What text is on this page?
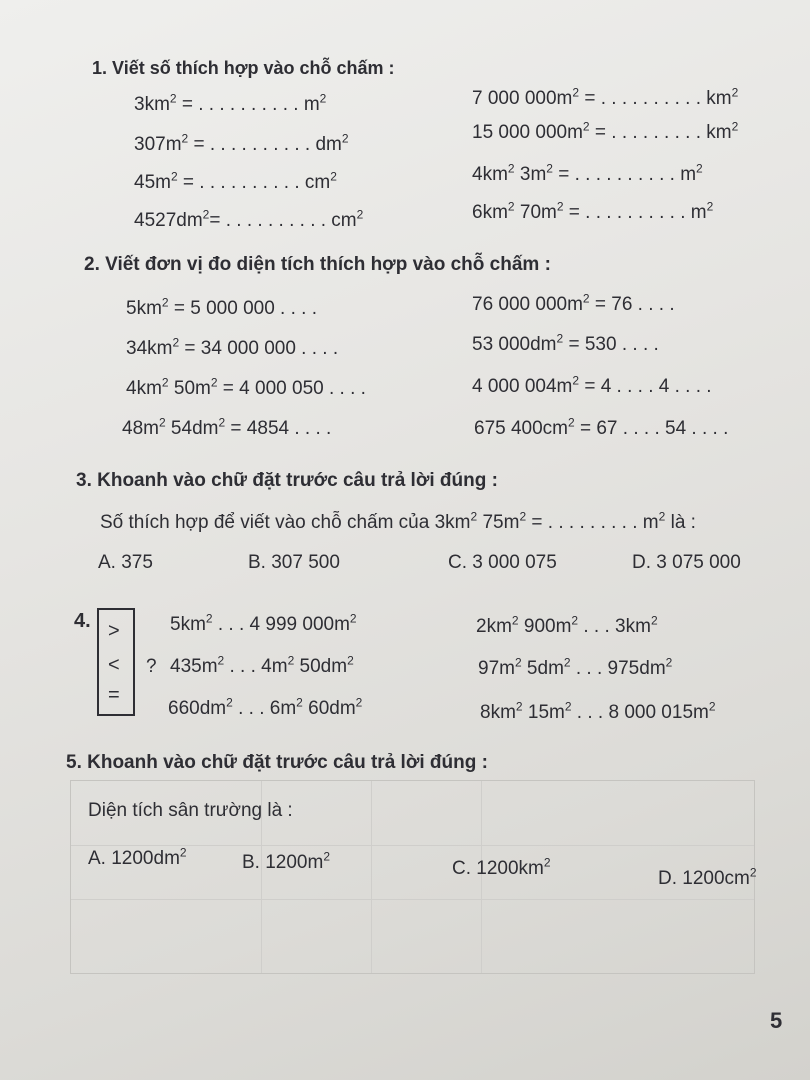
1. Viết số thích hợp vào chỗ chấm :
$3km^2$ = . . . . . . . . . . $m^2$
$307m^2$ = . . . . . . . . . . $dm^2$
$45m^2$ = . . . . . . . . . . $cm^2$
$4527dm^2=$ . . . . . . . . . . $cm^2$
7 000 $000m^2$ = . . . . . . . . . . $km^2$
15 000 $000m^2$ = . . . . . . . . . $km^2$
$4km^2$ $3m^2$ = . . . . . . . . . . $m^2$
$6km^2$ $70m^2$ = . . . . . . . . . . $m^2$
2. Viết đơn vị đo diện tích thích hợp vào chỗ chấm :
$5km^2 = 5$ 000 000 . . . .
$34km^2 = 34$ 000 000 . . . .
$4km^2$ $50m^2 = 4$ 000 050 . . . .
$48m^2$ $54dm^2 = 4854$ . . . .
76 000 $000m^2 = 76$ . . . .
53 $000dm^2 = 530$ . . . .
4 000 $004m^2 = 4$ . . . . 4 . . . .
675 $400cm^2 = 67$ . . . . 54 . . . .
3. Khoanh vào chữ đặt trước câu trả lời đúng :
Số thích hợp để viết vào chỗ chấm của $3km^2$ $75m^2$ = . . . . . . . . . $m^2$ là :
A. 375	B. 307 500	C. 3 000 075	D. 3 075 000
4. >
<
=
?
$5km^2$ . . . 4 999 $000m^2$
$435m^2$ . . . $4m^2$ $50dm^2$
$660dm^2$ . . . $6m^2$ $60dm^2$
$2km^2$ $900m^2$ . . . $3km^2$
$97m^2$ $5dm^2$ . . . $975dm^2$
$8km^2$ $15m^2$ . . . 8 000 $015m^2$
5. Khoanh vào chữ đặt trước câu trả lời đúng :
Diện tích sân trường là :
A. $1200dm^2$	B. $1200m^2$
C. $1200km^2$
D. $1200cm^2$
5
